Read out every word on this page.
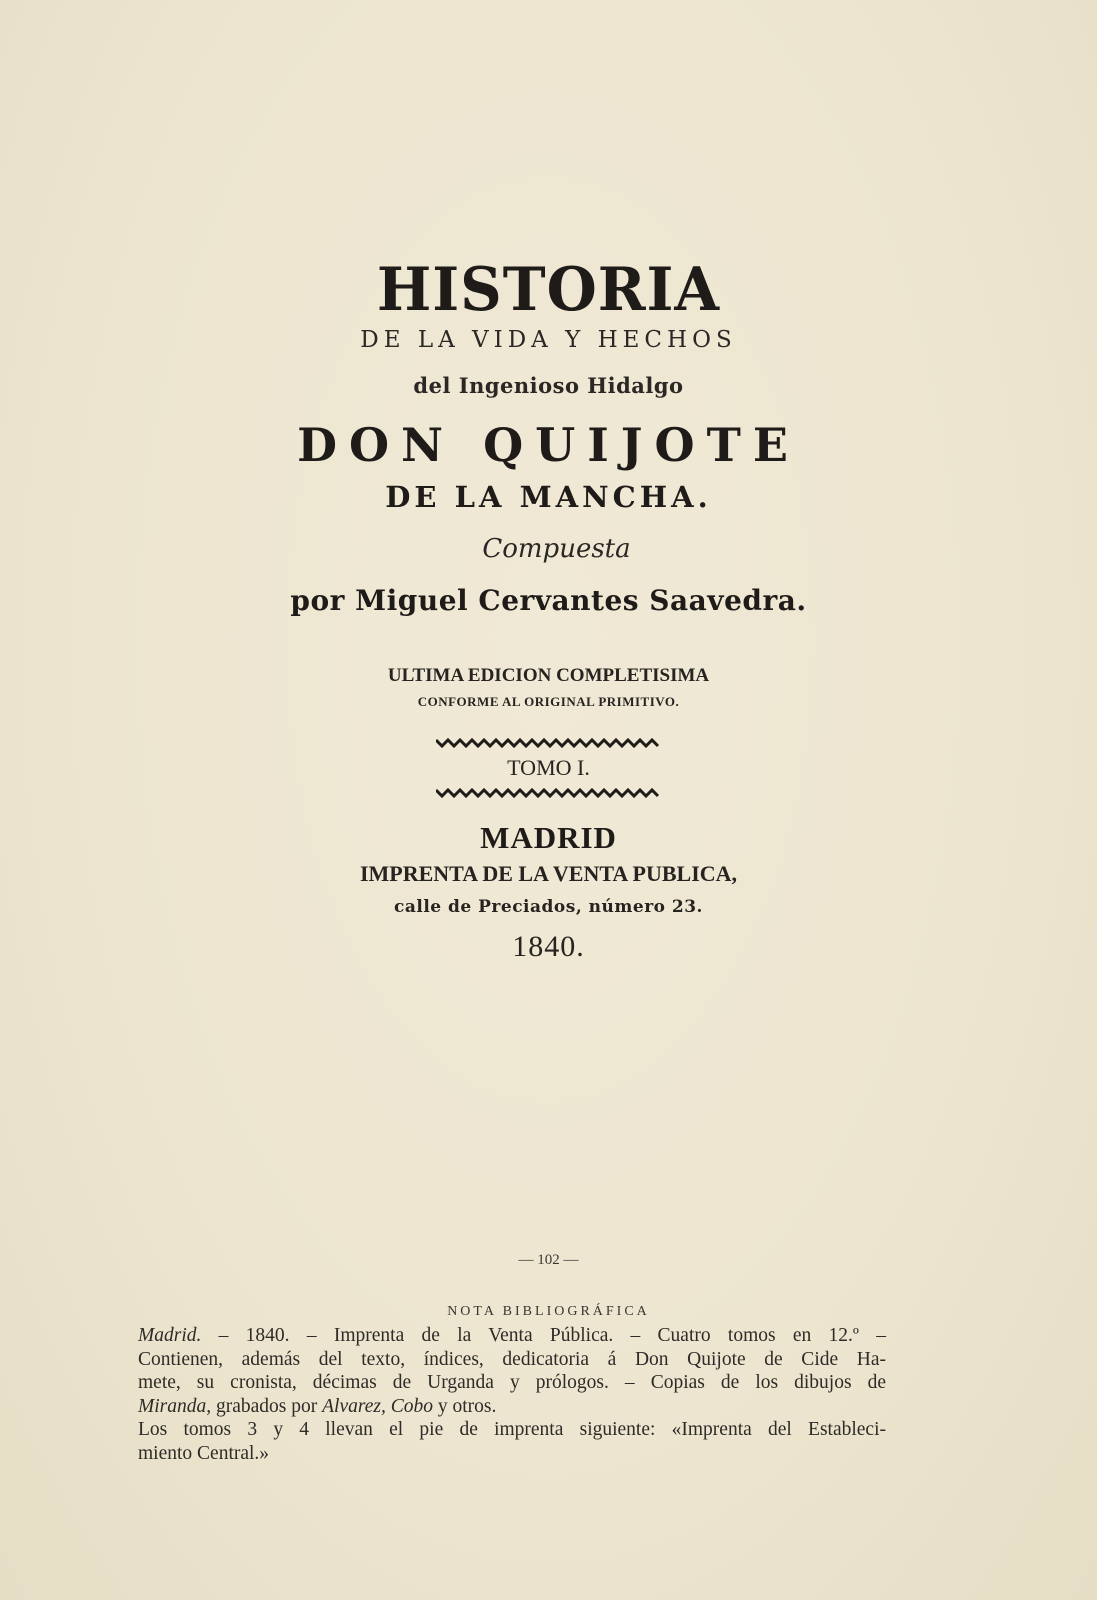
HISTORIA
DE LA VIDA Y HECHOS
del Ingenioso Hidalgo
DON QUIJOTE
DE LA MANCHA.
Compuesta
por Miguel Cervantes Saavedra.
ULTIMA EDICION COMPLETISIMA
CONFORME AL ORIGINAL PRIMITIVO.
TOMO I.
MADRID
IMPRENTA DE LA VENTA PUBLICA,
calle de Preciados, número 23.
1840.
— 102 —
NOTA BIBLIOGRÁFICA
Madrid. – 1840. – Imprenta de la Venta Pública. – Cuatro tomos en 12.º –
Contienen, además del texto, índices, dedicatoria á Don Quijote de Cide Ha-
mete, su cronista, décimas de Urganda y prólogos. – Copias de los dibujos de
Miranda, grabados por Alvarez, Cobo y otros.
Los tomos 3 y 4 llevan el pie de imprenta siguiente: «Imprenta del Estableci-
miento Central.»
